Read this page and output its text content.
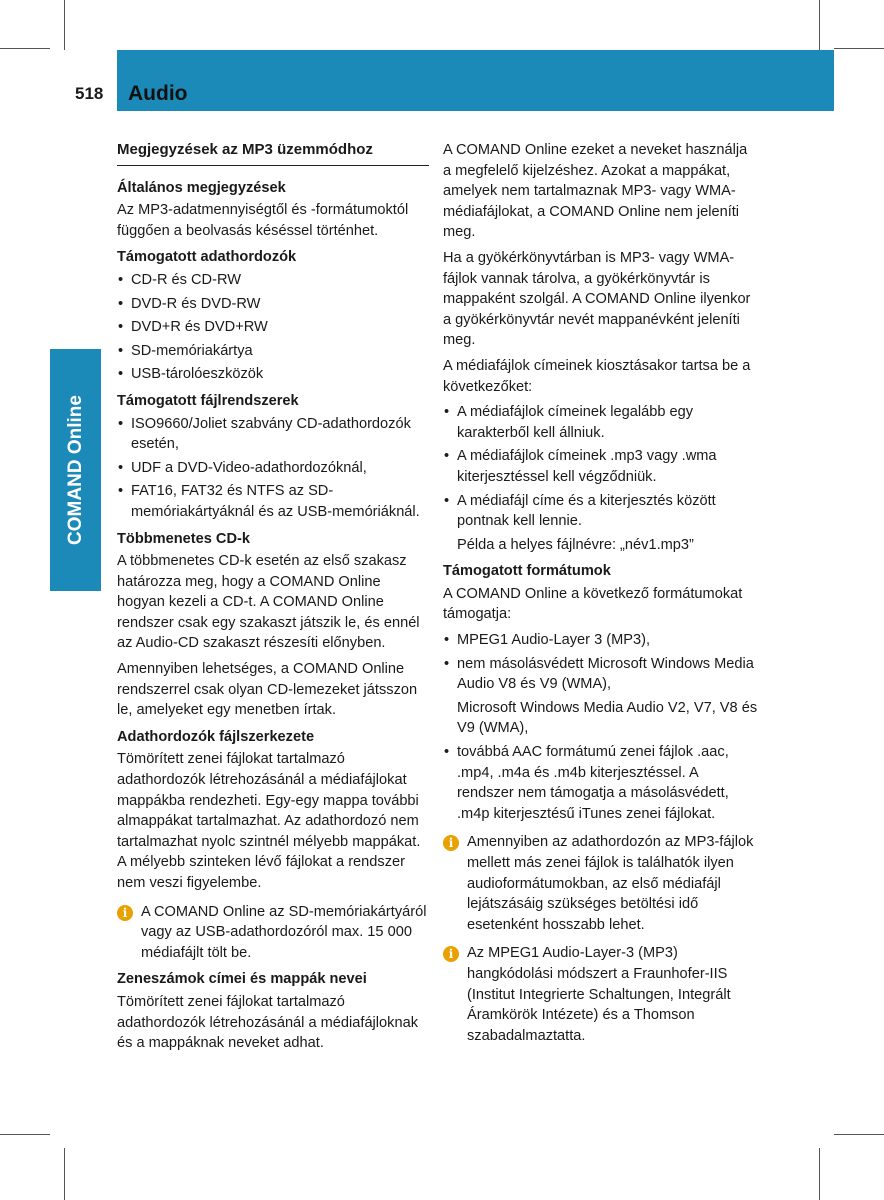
518	Audio
COMAND Online
Megjegyzések az MP3 üzemmódhoz
Általános megjegyzések
Az MP3-adatmennyiségtől és -formátumoktól függően a beolvasás késéssel történhet.
Támogatott adathordozók
• CD-R és CD-RW
• DVD-R és DVD-RW
• DVD+R és DVD+RW
• SD-memóriakártya
• USB-tárolóeszközök
Támogatott fájlrendszerek
• ISO9660/Joliet szabvány CD-adathordozók esetén,
• UDF a DVD-Video-adathordozóknál,
• FAT16, FAT32 és NTFS az SD-memóriakártyáknál és az USB-memóriáknál.
Többmenetes CD-k
A többmenetes CD-k esetén az első szakasz határozza meg, hogy a COMAND Online hogyan kezeli a CD-t. A COMAND Online rendszer csak egy szakaszt játszik le, és ennél az Audio-CD szakaszt részesíti előnyben.
Amennyiben lehetséges, a COMAND Online rendszerrel csak olyan CD-lemezeket játsszon le, amelyeket egy menetben írtak.
Adathordozók fájlszerkezete
Tömörített zenei fájlokat tartalmazó adathordozók létrehozásánál a médiafájlokat mappákba rendezheti. Egy-egy mappa további almappákat tartalmazhat. Az adathordozó nem tartalmazhat nyolc szintnél mélyebb mappákat. A mélyebb szinteken lévő fájlokat a rendszer nem veszi figyelembe.
i A COMAND Online az SD-memóriakártyáról vagy az USB-adathordozóról max. 15 000 médiafájlt tölt be.
Zeneszámok címei és mappák nevei
Tömörített zenei fájlokat tartalmazó adathordozók létrehozásánál a médiafájloknak és a mappáknak neveket adhat.
A COMAND Online ezeket a neveket használja a megfelelő kijelzéshez. Azokat a mappákat, amelyek nem tartalmaznak MP3- vagy WMA-médiafájlokat, a COMAND Online nem jeleníti meg.
Ha a gyökérkönyvtárban is MP3- vagy WMA-fájlok vannak tárolva, a gyökérkönyvtár is mappaként szolgál. A COMAND Online ilyenkor a gyökérkönyvtár nevét mappanévként jeleníti meg.
A médiafájlok címeinek kiosztásakor tartsa be a következőket:
• A médiafájlok címeinek legalább egy karakterből kell állniuk.
• A médiafájlok címeinek .mp3 vagy .wma kiterjesztéssel kell végződniük.
• A médiafájl címe és a kiterjesztés között pontnak kell lennie.
Példa a helyes fájlnévre: „név1.mp3”
Támogatott formátumok
A COMAND Online a következő formátumokat támogatja:
• MPEG1 Audio-Layer 3 (MP3),
• nem másolásvédett Microsoft Windows Media Audio V8 és V9 (WMA),
Microsoft Windows Media Audio V2, V7, V8 és V9 (WMA),
• továbbá AAC formátumú zenei fájlok .aac, .mp4, .m4a és .m4b kiterjesztéssel. A rendszer nem támogatja a másolásvédett, .m4p kiterjesztésű iTunes zenei fájlokat.
i Amennyiben az adathordozón az MP3-fájlok mellett más zenei fájlok is találhatók ilyen audioformátumokban, az első médiafájl lejátszásáig szükséges betöltési idő esetenként hosszabb lehet.
i Az MPEG1 Audio-Layer-3 (MP3) hangkódolási módszert a Fraunhofer-IIS (Institut Integrierte Schaltungen, Integrált Áramkörök Intézete) és a Thomson szabadalmaztatta.
